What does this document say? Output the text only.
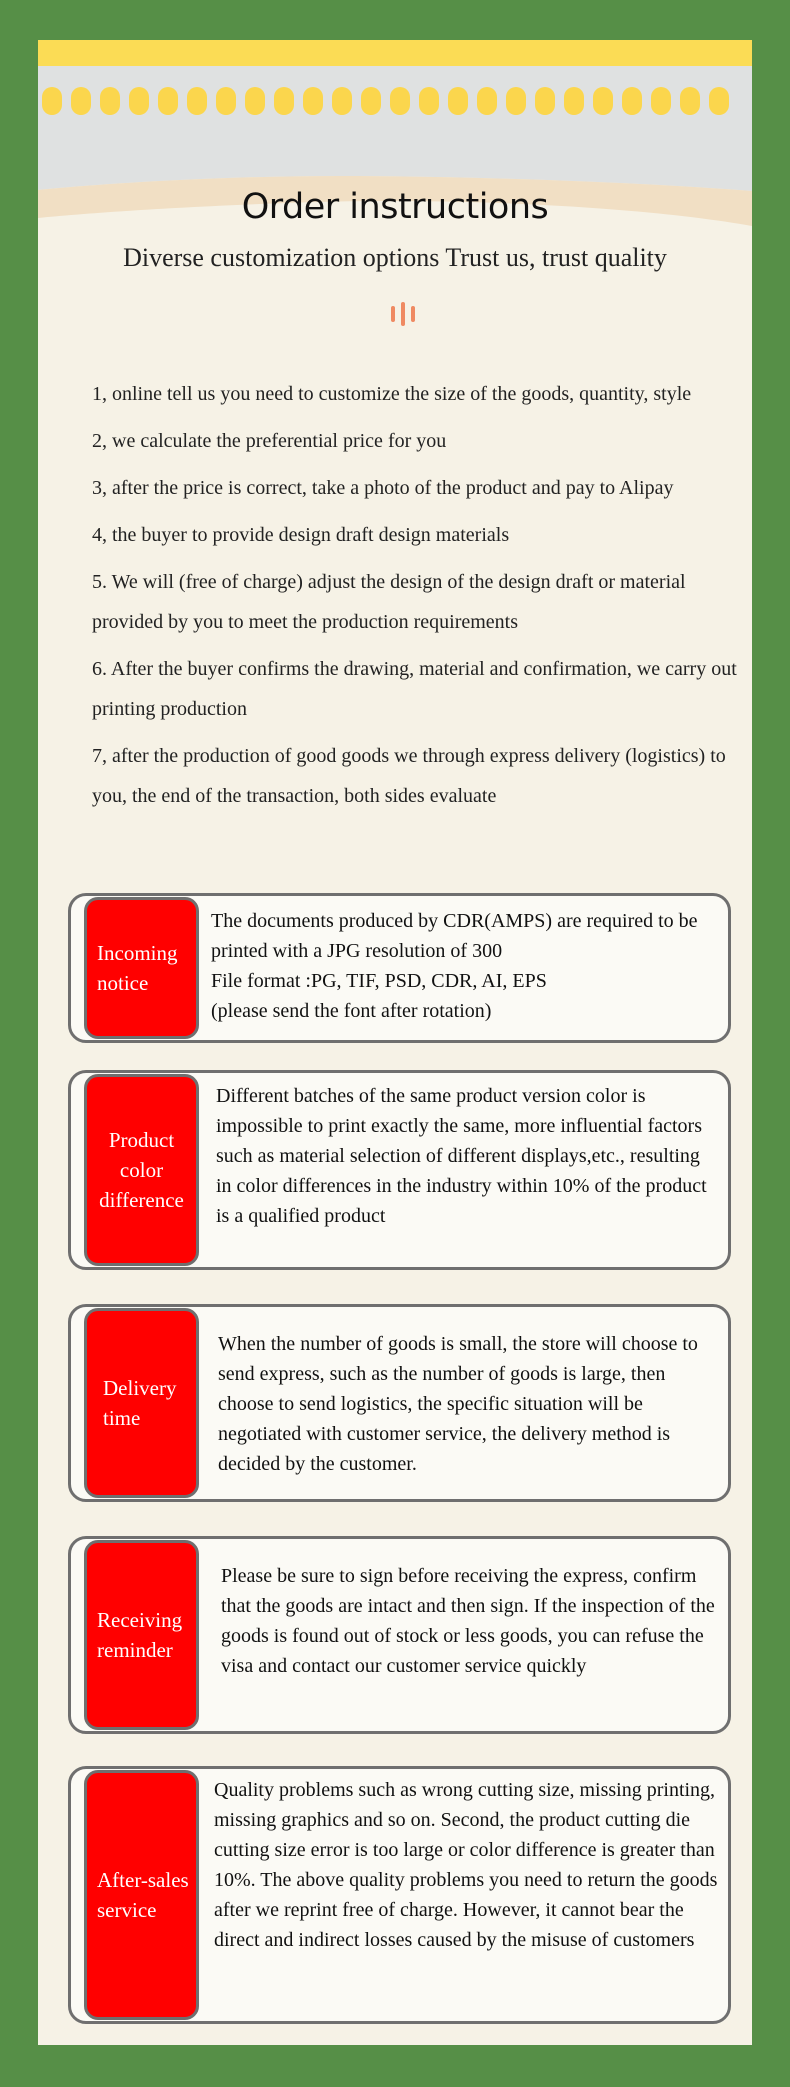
Order instructions
Diverse customization options Trust us, trust quality

1, online tell us you need to customize the size of the goods, quantity, style

2, we calculate the preferential price for you

3, after the price is correct, take a photo of the product and pay to Alipay

4, the buyer to provide design draft design materials

5. We will (free of charge) adjust the design of the design draft or material provided by you to meet the production requirements

6. After the buyer confirms the drawing, material and confirmation, we carry out printing production

7, after the production of good goods we through express delivery (logistics) to you, the end of the transaction, both sides evaluate

Incoming notice
The documents produced by CDR(AMPS) are required to be printed with a JPG resolution of 300
File format :PG, TIF, PSD, CDR, AI, EPS
(please send the font after rotation)
Product color difference
Different batches of the same product version color is impossible to print exactly the same, more influential factors such as material selection of different displays,etc., resulting in color differences in the industry within 10% of the product is a qualified product
Delivery time
When the number of goods is small, the store will choose to send express, such as the number of goods is large, then choose to send logistics, the specific situation will be negotiated with customer service, the delivery method is decided by the customer.
Receiving reminder
Please be sure to sign before receiving the express, confirm that the goods are intact and then sign. If the inspection of the goods is found out of stock or less goods, you can refuse the visa and contact our customer service quickly
After-sales service
Quality problems such as wrong cutting size, missing printing, missing graphics and so on. Second, the product cutting die cutting size error is too large or color difference is greater than 10%. The above quality problems you need to return the goods after we reprint free of charge. However, it cannot bear the direct and indirect losses caused by the misuse of customers
